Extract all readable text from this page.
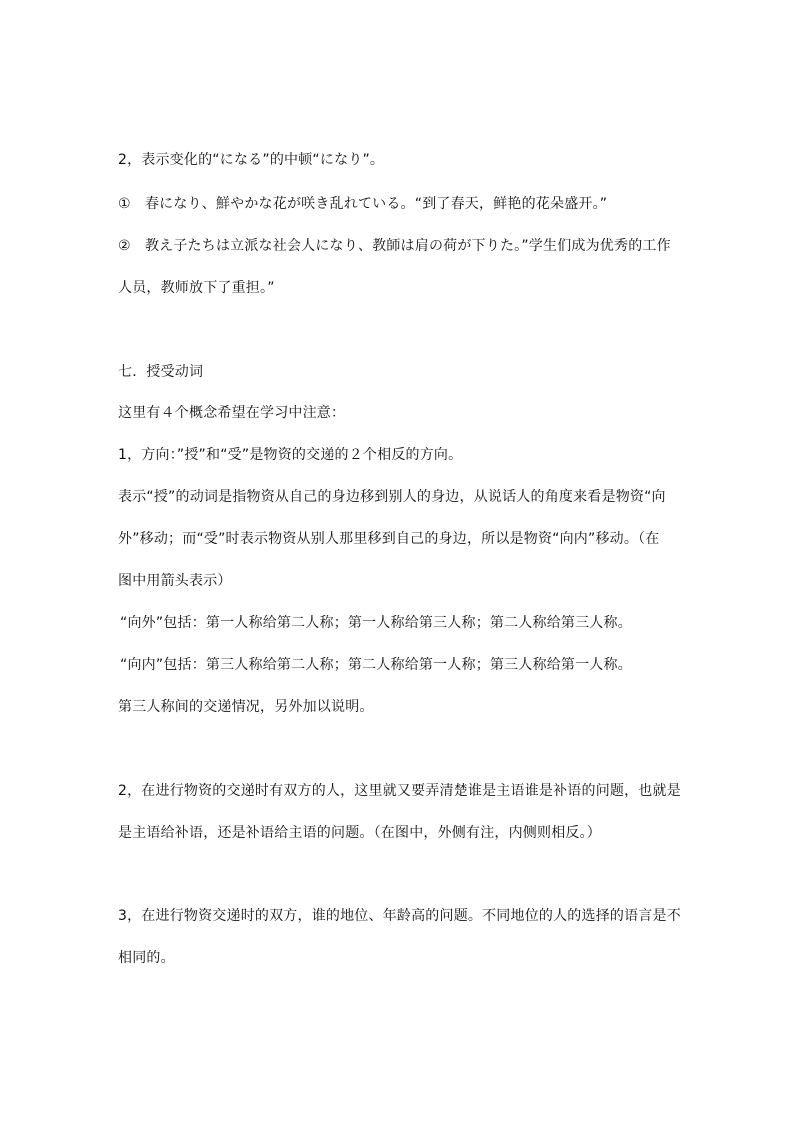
2，表示变化的“になる”的中顿“になり”。
①　春になり、鮮やかな花が咲き乱れている。“到了春天，鲜艳的花朵盛开。”
②　教え子たちは立派な社会人になり、教師は肩の荷が下りた。”学生们成为优秀的工作
人员，教师放下了重担。”
七．授受动词
这里有４个概念希望在学习中注意：
1，方向：”授”和“受”是物资的交递的２个相反的方向。
表示“授”的动词是指物资从自己的身边移到别人的身边，从说话人的角度来看是物资“向
外”移动；而“受”时表示物资从别人那里移到自己的身边，所以是物资“向内”移动。（在
图中用箭头表示）
“向外”包括：第一人称给第二人称；第一人称给第三人称；第二人称给第三人称。
“向内”包括：第三人称给第二人称；第二人称给第一人称；第三人称给第一人称。
第三人称间的交递情况，另外加以说明。
2，在进行物资的交递时有双方的人，这里就又要弄清楚谁是主语谁是补语的问题，也就是
是主语给补语，还是补语给主语的问题。（在图中，外侧有注，内侧则相反。）
3，在进行物资交递时的双方，谁的地位、年龄高的问题。不同地位的人的选择的语言是不
相同的。
